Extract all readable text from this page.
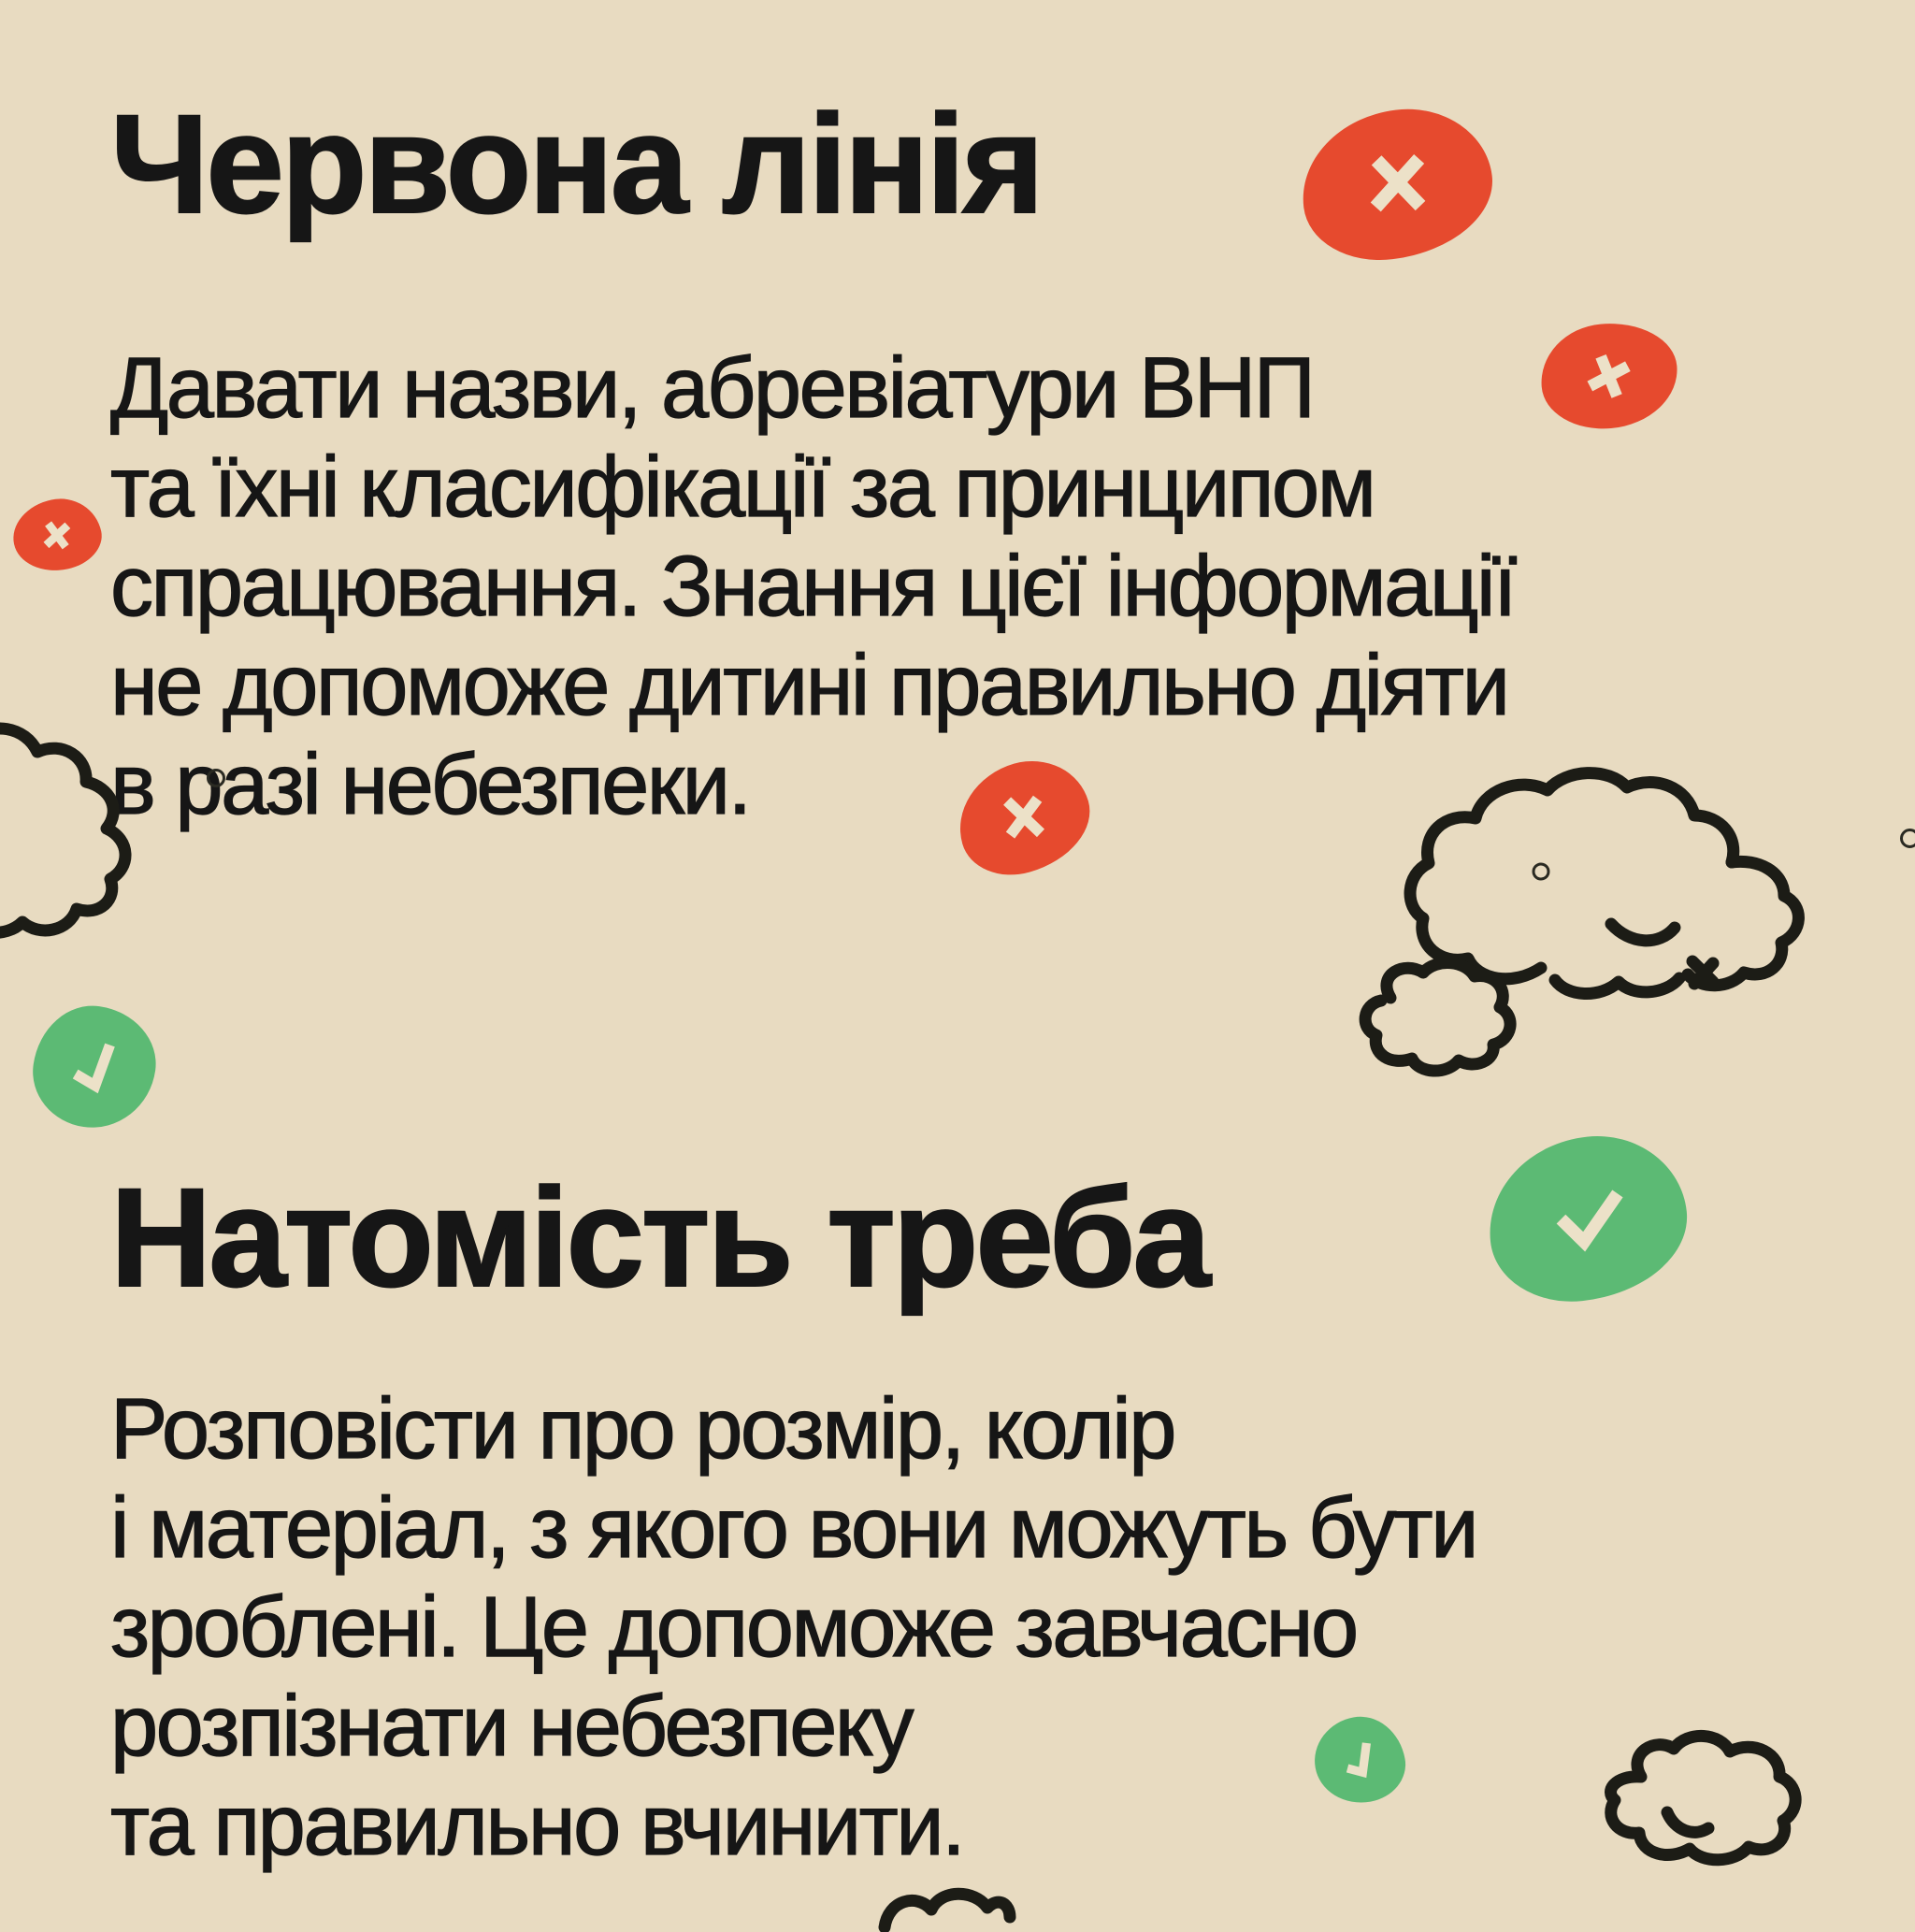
Червона лінія
Давати назви, абревіатури ВНП
та їхні класифікації за принципом
спрацювання. Знання цієї інформації
не допоможе дитині правильно діяти
в разі небезпеки.
Натомість треба
Розповісти про розмір, колір
і матеріал, з якого вони можуть бути
зроблені. Це допоможе завчасно
розпізнати небезпеку
та правильно вчинити.
